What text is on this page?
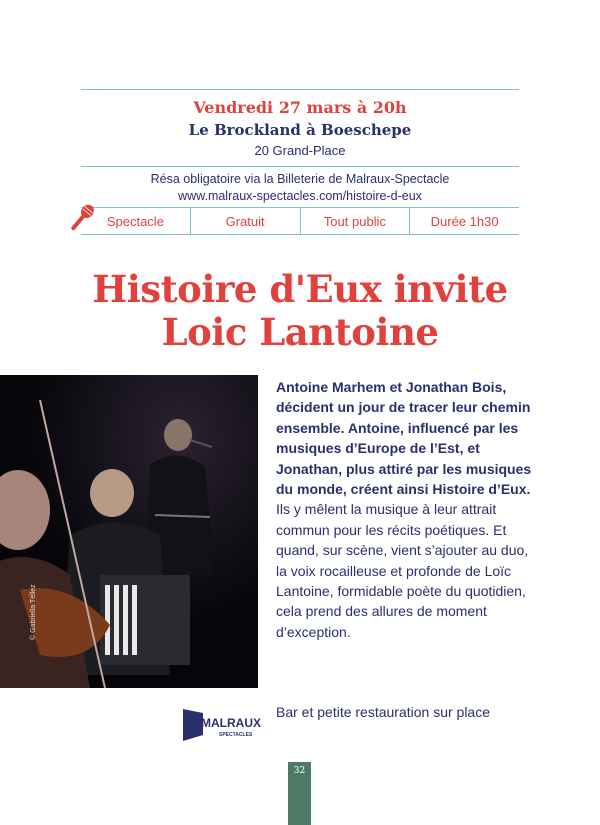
Vendredi 27 mars à 20h
Le Brockland à Boeschepe
20 Grand-Place
Résa obligatoire via la Billeterie de Malraux-Spectacle
www.malraux-spectacles.com/histoire-d-eux
Spectacle	Gratuit	Tout public	Durée 1h30
Histoire d'Eux invite
Loic Lantoine
© Gabriella Téllez
Antoine Marhem et Jonathan Bois, décident un jour de tracer leur chemin ensemble. Antoine, influencé par les musiques d’Europe de l’Est, et Jonathan, plus attiré par les musiques du monde, créent ainsi Histoire d’Eux. Ils y mêlent la musique à leur attrait commun pour les récits poétiques. Et quand, sur scène, vient s’ajouter au duo, la voix rocailleuse et profonde de Loïc Lantoine, formidable poète du quotidien, cela prend des allures de moment d’exception.
MALRAUX
SPECTACLES
Bar et petite restauration sur place
32
